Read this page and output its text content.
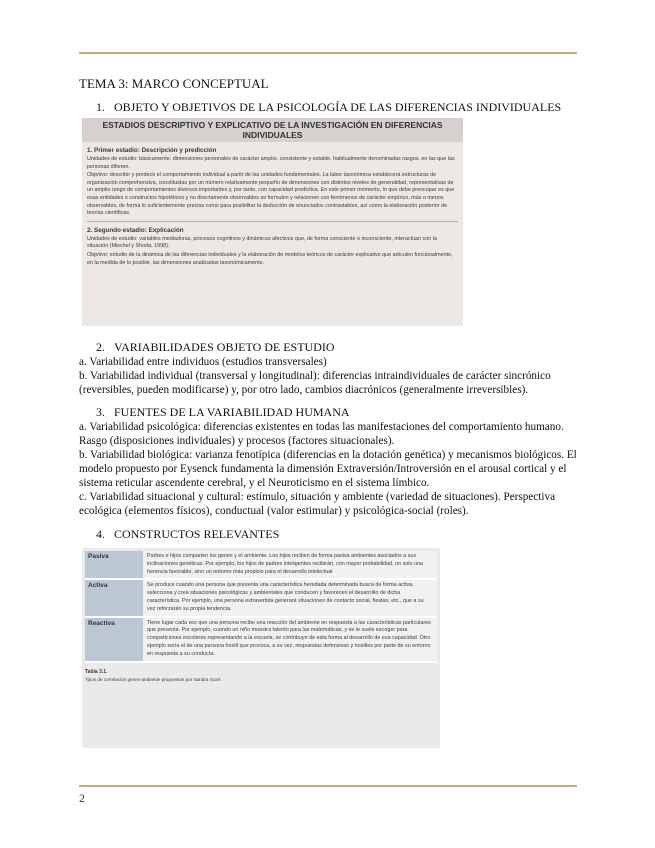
TEMA 3: MARCO CONCEPTUAL
1. OBJETO Y OBJETIVOS DE LA PSICOLOGÍA DE LAS DIFERENCIAS INDIVIDUALES
ESTADIOS DESCRIPTIVO Y EXPLICATIVO DE LA INVESTIGACIÓN EN DIFERENCIAS INDIVIDUALES
1. Primer estadio: Descripción y predicción

Unidades de estudio: básicamente, dimensiones personales de carácter amplio, consistente y estable, habitualmente denominadas rasgos, en las que las personas difieren.

Objetivo: describir y predecir el comportamiento individual a partir de las unidades fundamentales. La labor taxonómica establecerá estructuras de organización comprehensiva, constituidas por un número relativamente pequeño de dimensiones con distintos niveles de generalidad, representativas de un amplio rango de comportamientos diversos importantes y, por tanto, con capacidad predictiva. En este primer momento, lo que debe preocupar es que esas entidades o constructos hipotéticos y no directamente observables se formulen y relacionen con fenómenos de carácter empírico, más o menos observables, de forma lo suficientemente precisa como para posibilitar la deducción de enunciados contrastables, así como la elaboración posterior de teorías científicas.

2. Segundo estadio: Explicación

Unidades de estudio: variables mediadoras, procesos cognitivos y dinámicos afectivos que, de forma consciente o inconsciente, interactúan con la situación (Mischel y Shoda, 1998).

Objetivo: estudio de la dinámica de las diferencias individuales y la elaboración de modelos teóricos de carácter explicativo que articulen funcionalmente, en la medida de lo posible, las dimensiones analizadas taxonómicamente.

2. VARIABILIDADES OBJETO DE ESTUDIO

a. Variabilidad entre individuos (estudios transversales)

b. Variabilidad individual (transversal y longitudinal): diferencias intraindividuales de carácter sincrónico (reversibles, pueden modificarse) y, por otro lado, cambios diacrónicos (generalmente irreversibles).

3. FUENTES DE LA VARIABILIDAD HUMANA

a. Variabilidad psicológica: diferencias existentes en todas las manifestaciones del comportamiento humano. Rasgo (disposiciones individuales) y procesos (factores situacionales).

b. Variabilidad biológica: varianza fenotípica (diferencias en la dotación genética) y mecanismos biológicos. El modelo propuesto por Eysenck fundamenta la dimensión Extraversión/Introversión en el arousal cortical y el sistema reticular ascendente cerebral, y el Neuroticismo en el sistema límbico.

c. Variabilidad situacional y cultural: estímulo, situación y ambiente (variedad de situaciones). Perspectiva ecológica (elementos físicos), conductual (valor estimular) y psicológica-social (roles).

4. CONSTRUCTOS RELEVANTES
Pasiva	Padres e hijos comparten los genes y el ambiente. Los hijos reciben de forma pasiva ambientes asociados a sus inclinaciones genéticas. Por ejemplo, los hijos de padres inteligentes recibirán, con mayor probabilidad, no solo una herencia favorable, sino un entorno más propicio para el desarrollo intelectual
Activa	Se produce cuando una persona que presenta una característica heredada determinada busca de forma activa, selecciona y crea situaciones psicológicas y ambientales que conducen y favorecen el desarrollo de dicha característica. Por ejemplo, una persona extravertida generará situaciones de contacto social, fiestas, etc., que a su vez reforzarán su propia tendencia.
Reactiva	Tiene lugar cada vez que una persona recibe una reacción del ambiente en respuesta a las características particulares que presenta. Por ejemplo, cuando un niño muestra talento para las matemáticas, y se le suele escoger para competiciones escolares representando a la escuela, se contribuye de esta forma al desarrollo de esa capacidad. Otro ejemplo sería el de una persona hostil que provoca, a su vez, respuestas defensivas y hostiles por parte de su entorno en respuesta a su conducta.
Tabla 3.1.
Tipos de correlación genes-ambiente propuestos por Sandra Scarr.
2
